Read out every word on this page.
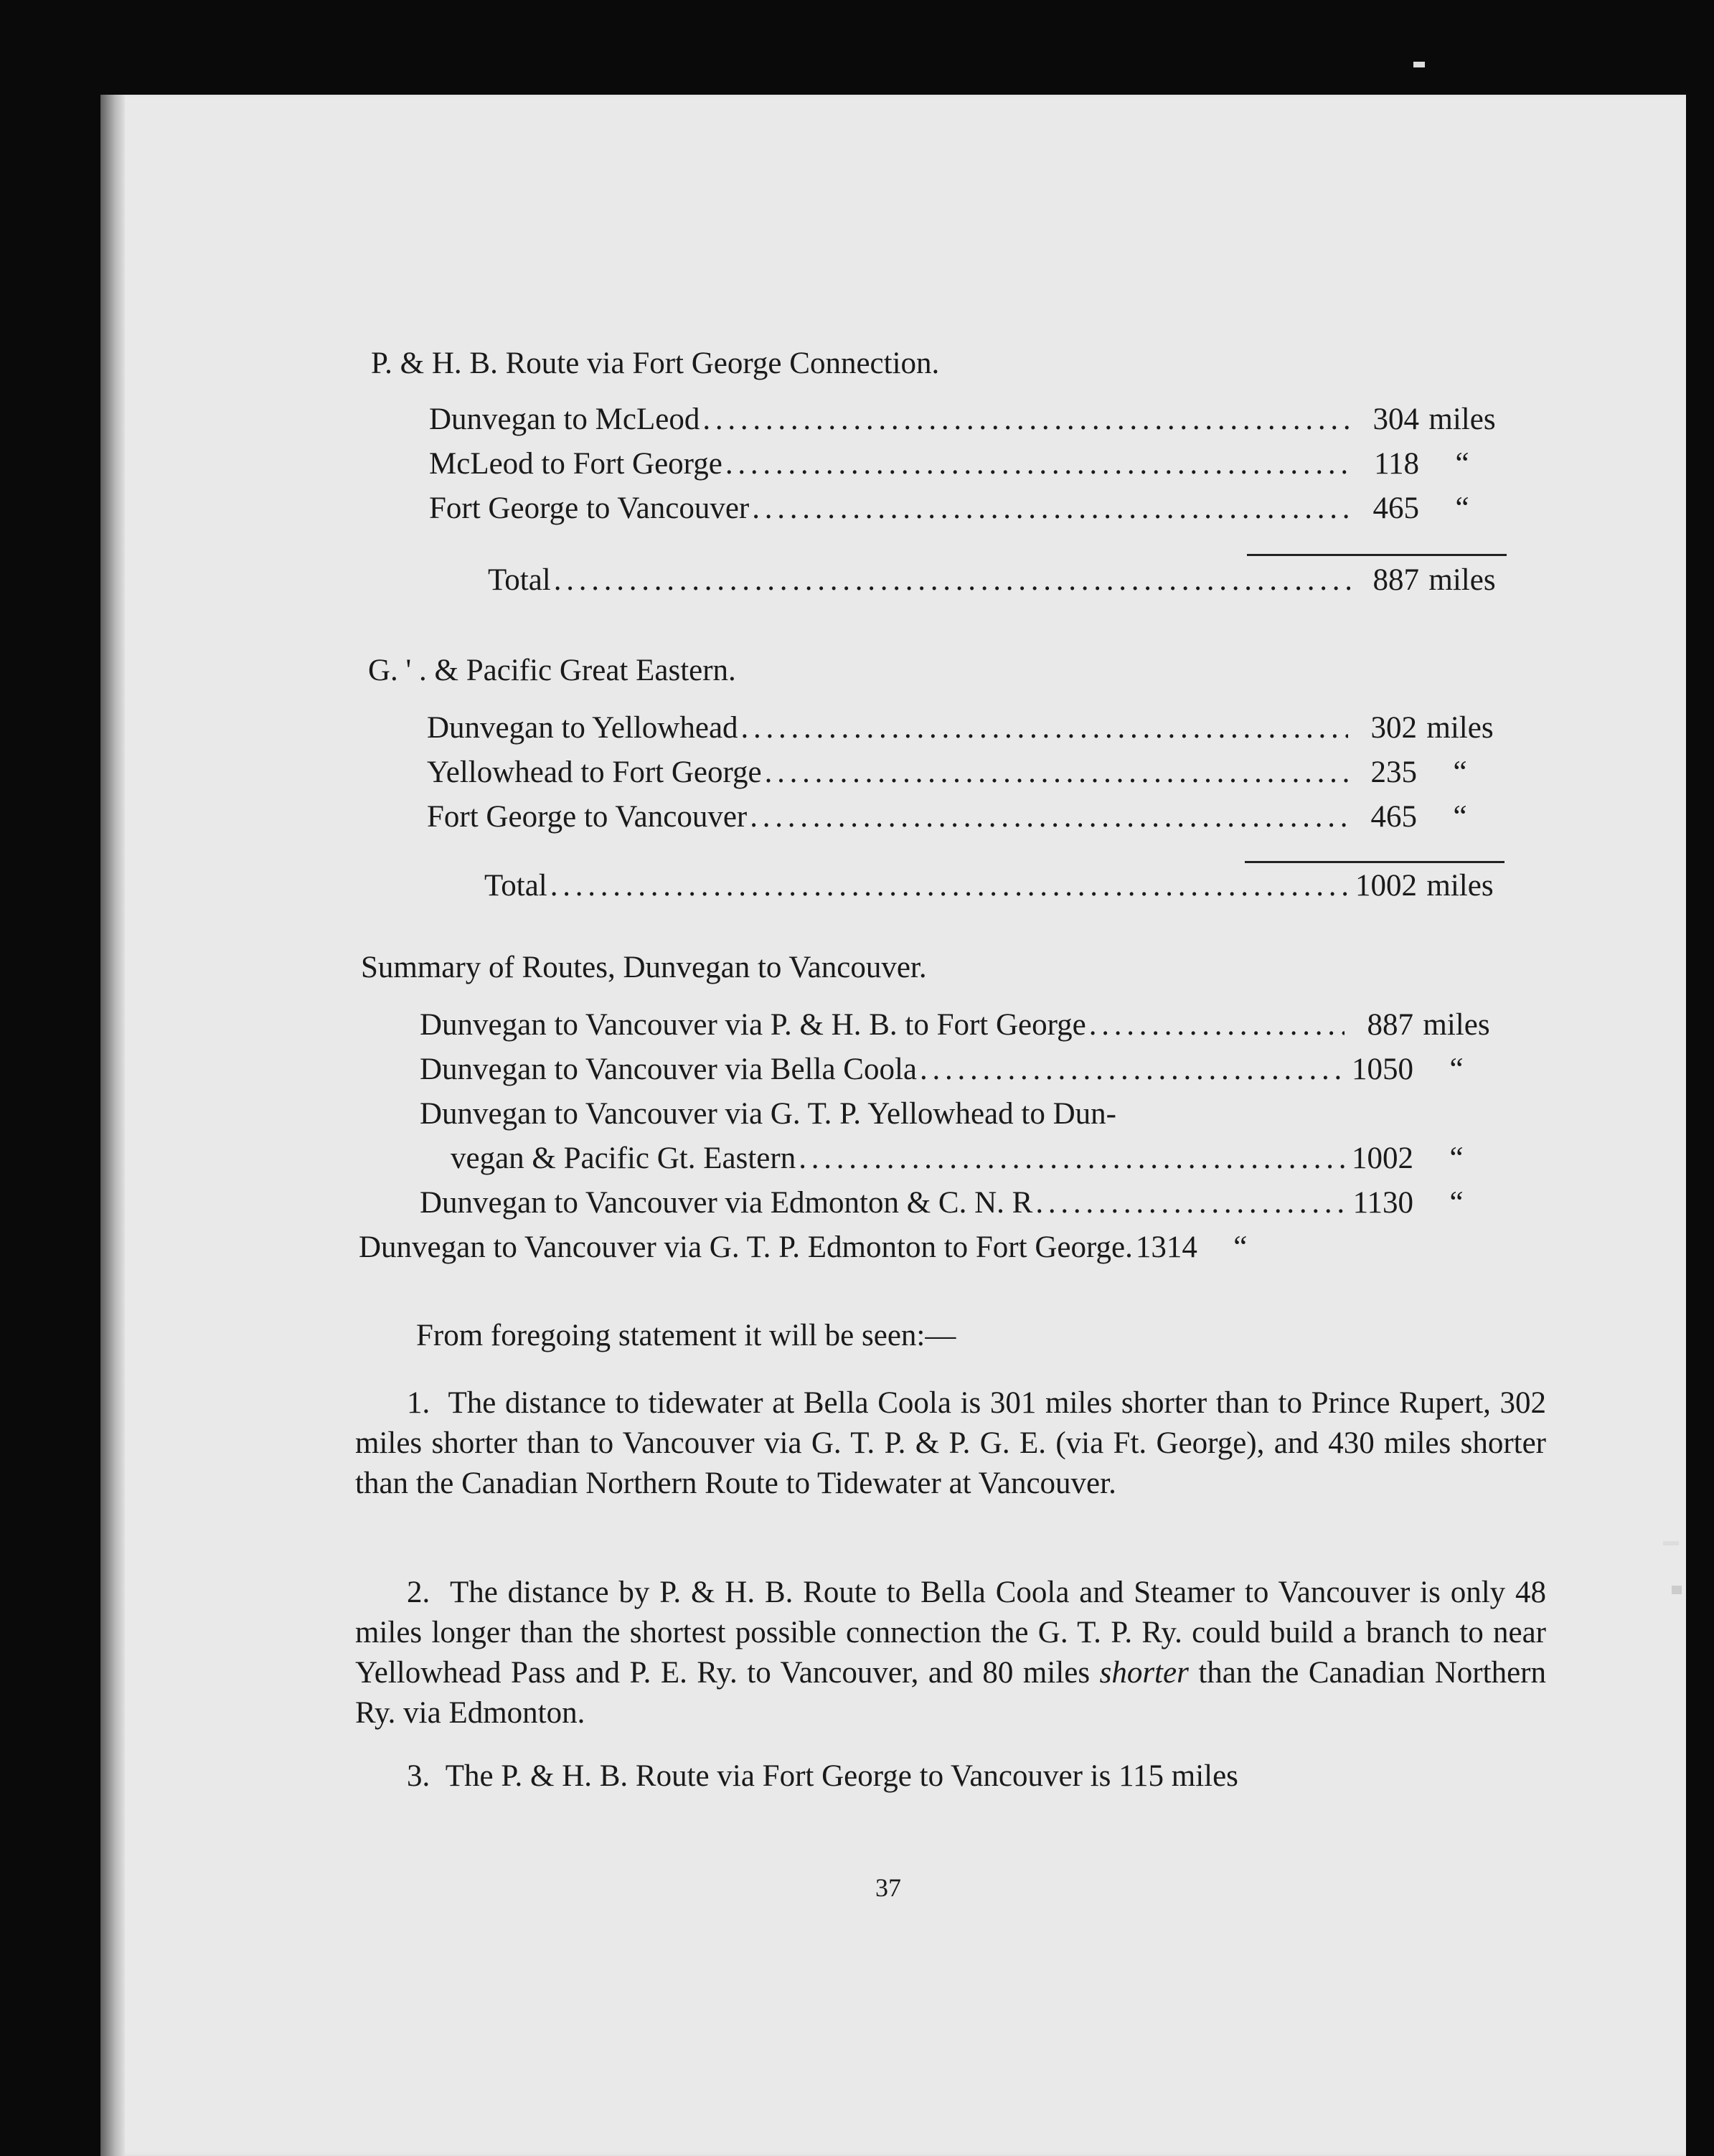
P. & H. B. Route via Fort George Connection.
Dunvegan to McLeod . . .	304 miles
McLeod to Fort George . . .	118	“
Fort George to Vancouver . . .	465	“
Total . . .	887 miles
G. ' . & Pacific Great Eastern.
Dunvegan to Yellowhead . . .	302 miles
Yellowhead to Fort George . . .	235	“
Fort George to Vancouver . . .	465	“
Total . . .	1002 miles
Summary of Routes, Dunvegan to Vancouver.
Dunvegan to Vancouver via P. & H. B. to Fort George . . .	887 miles
Dunvegan to Vancouver via Bella Coola . . .	1050	“
Dunvegan to Vancouver via G. T. P. Yellowhead to Dun-
vegan & Pacific Gt. Eastern . . .	1002	“
Dunvegan to Vancouver via Edmonton & C. N. R . . .	1130	“
Dunvegan to Vancouver via G. T. P. Edmonton to Fort George. 1314	“
From foregoing statement it will be seen:—
1. The distance to tidewater at Bella Coola is 301 miles shorter than to Prince Rupert, 302 miles shorter than to Vancouver via G. T. P. & P. G. E. (via Ft. George), and 430 miles shorter than the Canadian Northern Route to Tidewater at Vancouver.
2. The distance by P. & H. B. Route to Bella Coola and Steamer to Vancouver is only 48 miles longer than the shortest possible connection the G. T. P. Ry. could build a branch to near Yellowhead Pass and P. E. Ry. to Vancouver, and 80 miles shorter than the Canadian Northern Ry. via Edmonton.
3. The P. & H. B. Route via Fort George to Vancouver is 115 miles
37
